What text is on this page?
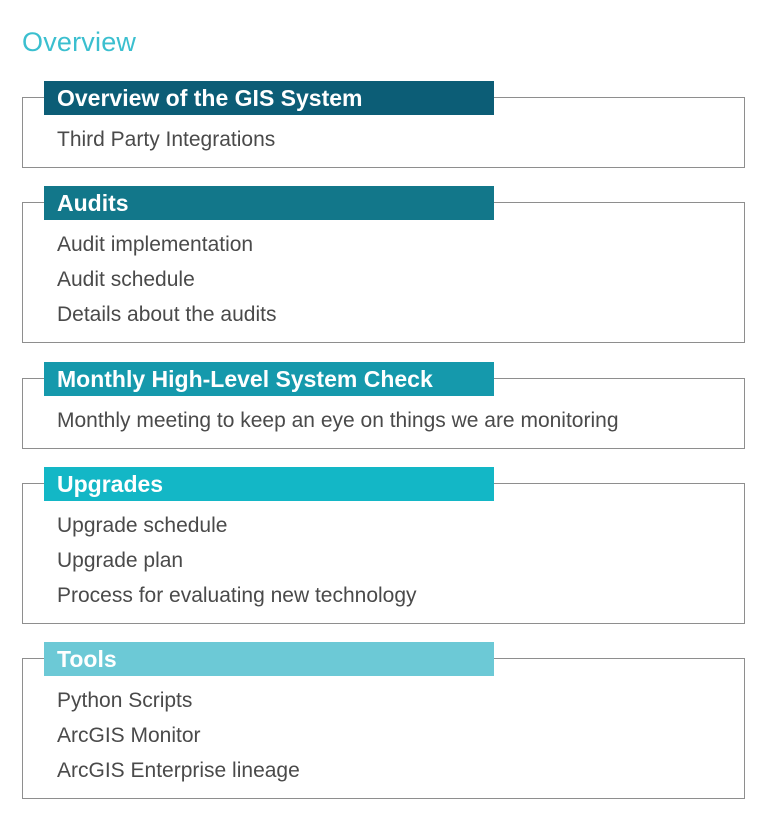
Overview
Overview of the GIS System
Third Party Integrations
Audits
Audit implementation
Audit schedule
Details about the audits
Monthly High-Level System Check
Monthly meeting to keep an eye on things we are monitoring
Upgrades
Upgrade schedule
Upgrade plan
Process for evaluating new technology
Tools
Python Scripts
ArcGIS Monitor
ArcGIS Enterprise lineage
